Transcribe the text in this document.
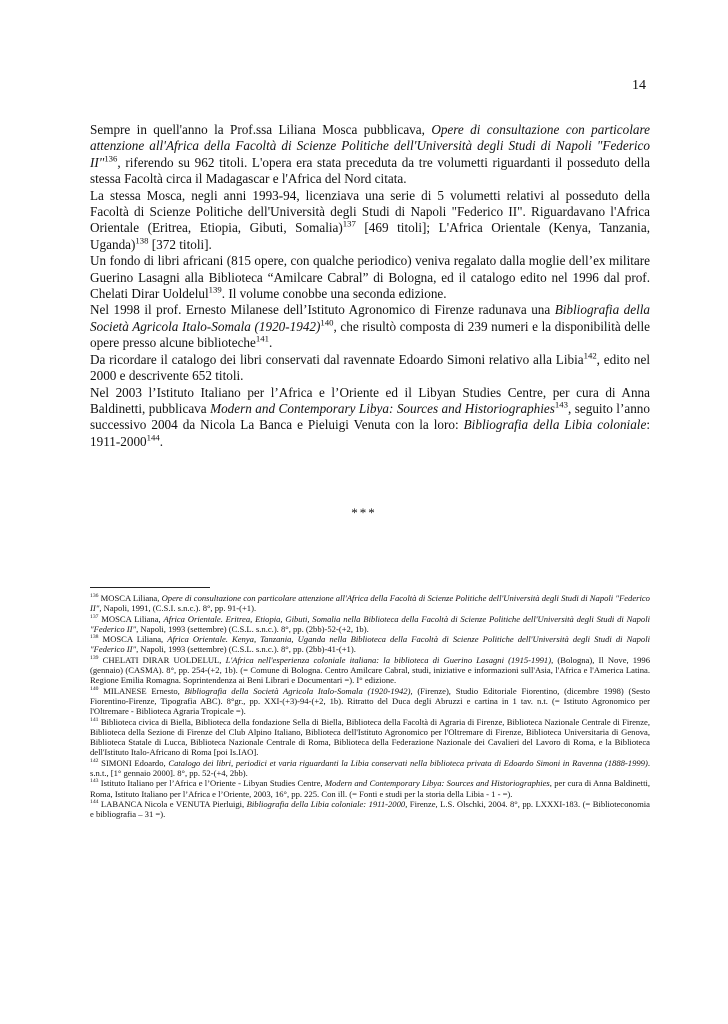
14

Sempre in quell'anno la Prof.ssa Liliana Mosca pubblicava, Opere di consultazione con particolare attenzione all'Africa della Facoltà di Scienze Politiche dell'Università degli Studi di Napoli "Federico II"$^{136}$, riferendo su 962 titoli. L'opera era stata preceduta da tre volumetti riguardanti il posseduto della stessa Facoltà circa il Madagascar e l'Africa del Nord citata.

La stessa Mosca, negli anni 1993-94, licenziava una serie di 5 volumetti relativi al posseduto della Facoltà di Scienze Politiche dell'Università degli Studi di Napoli "Federico II". Riguardavano l'Africa Orientale (Eritrea, Etiopia, Gibuti, Somalia)$^{137}$ [469 titoli]; L'Africa Orientale (Kenya, Tanzania, Uganda)$^{138}$ [372 titoli].

Un fondo di libri africani (815 opere, con qualche periodico) veniva regalato dalla moglie dell’ex militare Guerino Lasagni alla Biblioteca “Amilcare Cabral” di Bologna, ed il catalogo edito nel 1996 dal prof. Chelati Dirar Uoldelul$^{139}$. Il volume conobbe una seconda edizione.

Nel 1998 il prof. Ernesto Milanese dell’Istituto Agronomico di Firenze radunava una Bibliografia della Società Agricola Italo-Somala (1920-1942)$^{140}$, che risultò composta di 239 numeri e la disponibilità delle opere presso alcune biblioteche$^{141}$.

Da ricordare il catalogo dei libri conservati dal ravennate Edoardo Simoni relativo alla Libia$^{142}$, edito nel 2000 e descrivente 652 titoli.

Nel 2003 l’Istituto Italiano per l’Africa e l’Oriente ed il Libyan Studies Centre, per cura di Anna Baldinetti, pubblicava Modern and Contemporary Libya: Sources and Historiographies$^{143}$, seguito l’anno successivo 2004 da Nicola La Banca e Pieluigi Venuta con la loro: Bibliografia della Libia coloniale: 1911-2000$^{144}$.

***

$^{136}$ MOSCA Liliana, Opere di consultazione con particolare attenzione all'Africa della Facoltà di Scienze Politiche dell'Università degli Studi di Napoli "Federico II", Napoli, 1991, (C.S.I. s.n.c.). 8°, pp. 91-(+1).

$^{137}$ MOSCA Liliana, Africa Orientale. Eritrea, Etiopia, Gibuti, Somalia nella Biblioteca della Facoltà di Scienze Politiche dell'Università degli Studi di Napoli "Federico II", Napoli, 1993 (settembre) (C.S.L. s.n.c.). 8°, pp. (2bb)-52-(+2, 1b).

$^{138}$ MOSCA Liliana, Africa Orientale. Kenya, Tanzania, Uganda nella Biblioteca della Facoltà di Scienze Politiche dell'Università degli Studi di Napoli "Federico II", Napoli, 1993 (settembre) (C.S.L. s.n.c.). 8°, pp. (2bb)-41-(+1).

$^{139}$ CHELATI DIRAR UOLDELUL, L'Africa nell'esperienza coloniale italiana: la biblioteca di Guerino Lasagni (1915-1991), (Bologna), Il Nove, 1996 (gennaio) (CASMA). 8°, pp. 254-(+2, 1b). (= Comune di Bologna. Centro Amilcare Cabral, studi, iniziative e informazioni sull'Asia, l'Africa e l'America Latina. Regione Emilia Romagna. Soprintendenza ai Beni Librari e Documentari =). I° edizione.

$^{140}$ MILANESE Ernesto, Bibliografia della Società Agricola Italo-Somala (1920-1942), (Firenze), Studio Editoriale Fiorentino, (dicembre 1998) (Sesto Fiorentino-Firenze, Tipografia ABC). 8°gr., pp. XXI-(+3)-94-(+2, 1b). Ritratto del Duca degli Abruzzi e cartina in 1 tav. n.t. (= Istituto Agronomico per l'Oltremare - Biblioteca Agraria Tropicale =).

$^{141}$ Biblioteca civica di Biella, Biblioteca della fondazione Sella di Biella, Biblioteca della Facoltà di Agraria di Firenze, Biblioteca Nazionale Centrale di Firenze, Biblioteca della Sezione di Firenze del Club Alpino Italiano, Biblioteca dell'Istituto Agronomico per l'Oltremare di Firenze, Biblioteca Universitaria di Genova, Biblioteca Statale di Lucca, Biblioteca Nazionale Centrale di Roma, Biblioteca della Federazione Nazionale dei Cavalieri del Lavoro di Roma, e la Biblioteca dell'Istituto Italo-Africano di Roma [poi Is.IAO].

$^{142}$ SIMONI Edoardo, Catalogo dei libri, periodici et varia riguardanti la Libia conservati nella biblioteca privata di Edoardo Simoni in Ravenna (1888-1999). s.n.t., [1° gennaio 2000]. 8°, pp. 52-(+4, 2bb).

$^{143}$ Istituto Italiano per l’Africa e l’Oriente - Libyan Studies Centre, Modern and Contemporary Libya: Sources and Historiographies, per cura di Anna Baldinetti, Roma, Istituto Italiano per l’Africa e l’Oriente, 2003, 16°, pp. 225. Con ill. (= Fonti e studi per la storia della Libia - 1 - =).

$^{144}$ LABANCA Nicola e VENUTA Pierluigi, Bibliografia della Libia coloniale: 1911-2000, Firenze, L.S. Olschki, 2004. 8°, pp. LXXXI-183. (= Biblioteconomia e bibliografia – 31 =).
